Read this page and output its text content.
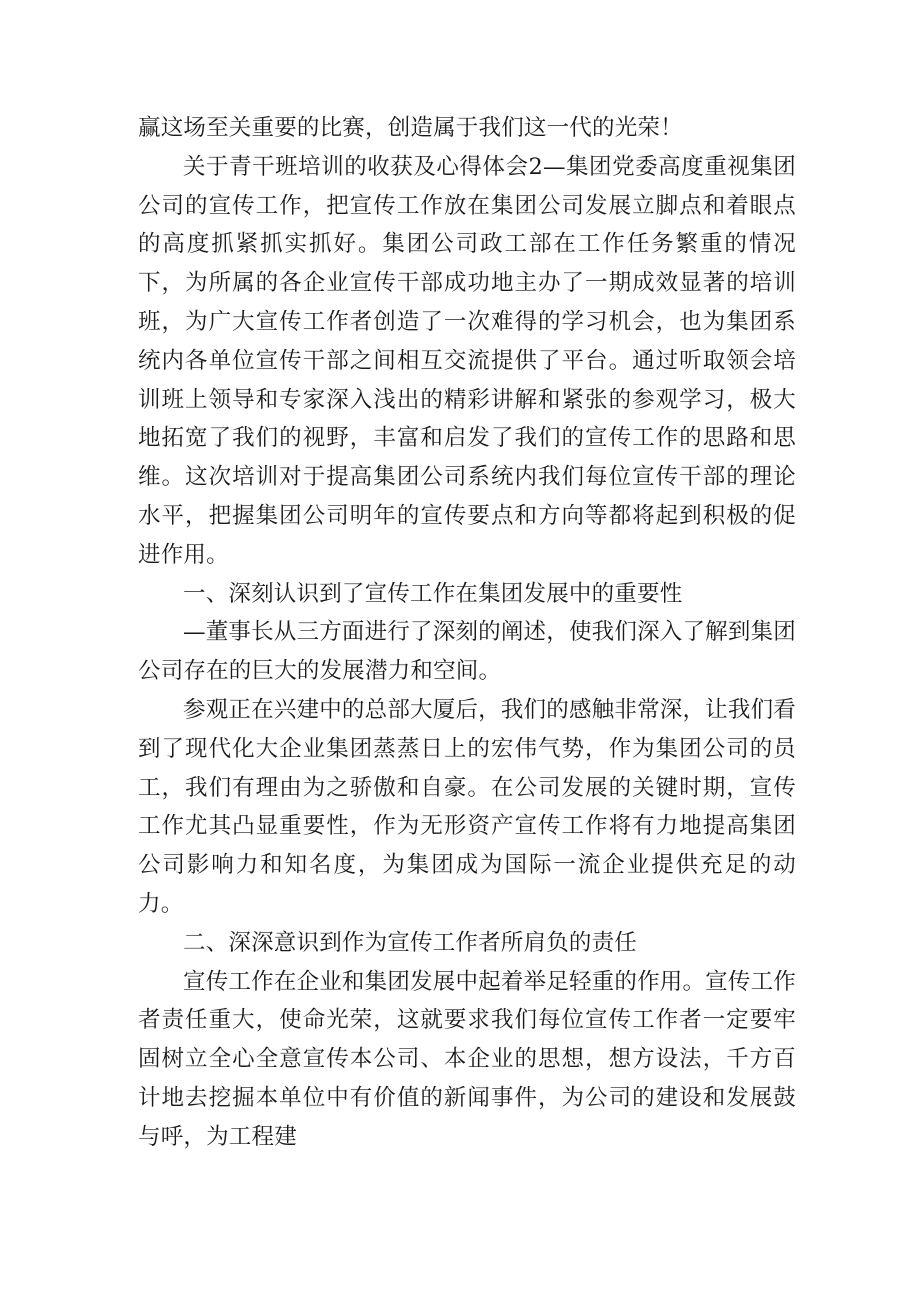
赢这场至关重要的比赛，创造属于我们这一代的光荣！

关于青干班培训的收获及心得体会2—集团党委高度重视集团公司的宣传工作，把宣传工作放在集团公司发展立脚点和着眼点的高度抓紧抓实抓好。集团公司政工部在工作任务繁重的情况下，为所属的各企业宣传干部成功地主办了一期成效显著的培训班，为广大宣传工作者创造了一次难得的学习机会，也为集团系统内各单位宣传干部之间相互交流提供了平台。通过听取领会培训班上领导和专家深入浅出的精彩讲解和紧张的参观学习，极大地拓宽了我们的视野，丰富和启发了我们的宣传工作的思路和思维。这次培训对于提高集团公司系统内我们每位宣传干部的理论水平，把握集团公司明年的宣传要点和方向等都将起到积极的促进作用。

一、深刻认识到了宣传工作在集团发展中的重要性

—董事长从三方面进行了深刻的阐述，使我们深入了解到集团公司存在的巨大的发展潜力和空间。

参观正在兴建中的总部大厦后，我们的感触非常深，让我们看到了现代化大企业集团蒸蒸日上的宏伟气势，作为集团公司的员工，我们有理由为之骄傲和自豪。在公司发展的关键时期，宣传工作尤其凸显重要性，作为无形资产宣传工作将有力地提高集团公司影响力和知名度，为集团成为国际一流企业提供充足的动力。

二、深深意识到作为宣传工作者所肩负的责任

宣传工作在企业和集团发展中起着举足轻重的作用。宣传工作者责任重大，使命光荣，这就要求我们每位宣传工作者一定要牢固树立全心全意宣传本公司、本企业的思想，想方设法，千方百计地去挖掘本单位中有价值的新闻事件，为公司的建设和发展鼓与呼，为工程建
